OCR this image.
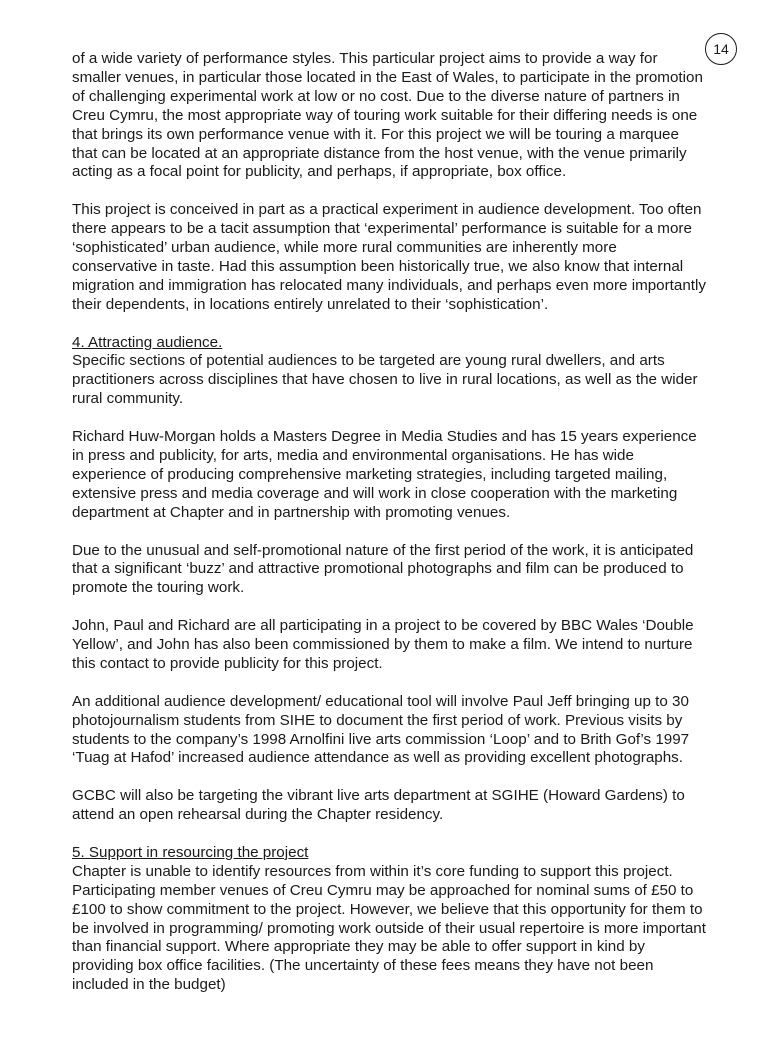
14

of a wide variety of performance styles. This particular project aims to provide a way for smaller venues, in particular those located in the East of Wales, to participate in the promotion of challenging experimental work at low or no cost. Due to the diverse nature of partners in Creu Cymru, the most appropriate way of touring work suitable for their differing needs is one that brings its own performance venue with it. For this project we will be touring a marquee that can be located at an appropriate distance from the host venue, with the venue primarily acting as a focal point for publicity, and perhaps, if appropriate, box office.

This project is conceived in part as a practical experiment in audience development. Too often there appears to be a tacit assumption that ‘experimental’ performance is suitable for a more ‘sophisticated’ urban audience, while more rural communities are inherently more conservative in taste. Had this assumption been historically true, we also know that internal migration and immigration has relocated many individuals, and perhaps even more importantly their dependents, in locations entirely unrelated to their ‘sophistication’.

4. Attracting audience.

Specific sections of potential audiences to be targeted are young rural dwellers, and arts practitioners across disciplines that have chosen to live in rural locations, as well as the wider rural community.

Richard Huw-Morgan holds a Masters Degree in Media Studies and has 15 years experience in press and publicity, for arts, media and environmental organisations. He has wide experience of producing comprehensive marketing strategies, including targeted mailing, extensive press and media coverage and will work in close cooperation with the marketing department at Chapter and in partnership with promoting venues.

Due to the unusual and self-promotional nature of the first period of the work, it is anticipated that a significant ‘buzz’ and attractive promotional photographs and film can be produced to promote the touring work.

John, Paul and Richard are all participating in a project to be covered by BBC Wales ‘Double Yellow’, and John has also been commissioned by them to make a film. We intend to nurture this contact to provide publicity for this project.

An additional audience development/ educational tool will involve Paul Jeff bringing up to 30 photojournalism students from SIHE to document the first period of work. Previous visits by students to the company’s 1998 Arnolfini live arts commission ‘Loop’ and to Brith Gof’s 1997 ‘Tuag at Hafod’ increased audience attendance as well as providing excellent photographs.

GCBC will also be targeting the vibrant live arts department at SGIHE (Howard Gardens) to attend an open rehearsal during the Chapter residency.

5. Support in resourcing the project

Chapter is unable to identify resources from within it’s core funding to support this project. Participating member venues of Creu Cymru may be approached for nominal sums of £50 to £100 to show commitment to the project. However, we believe that this opportunity for them to be involved in programming/ promoting work outside of their usual repertoire is more important than financial support. Where appropriate they may be able to offer support in kind by providing box office facilities. (The uncertainty of these fees means they have not been included in the budget)
